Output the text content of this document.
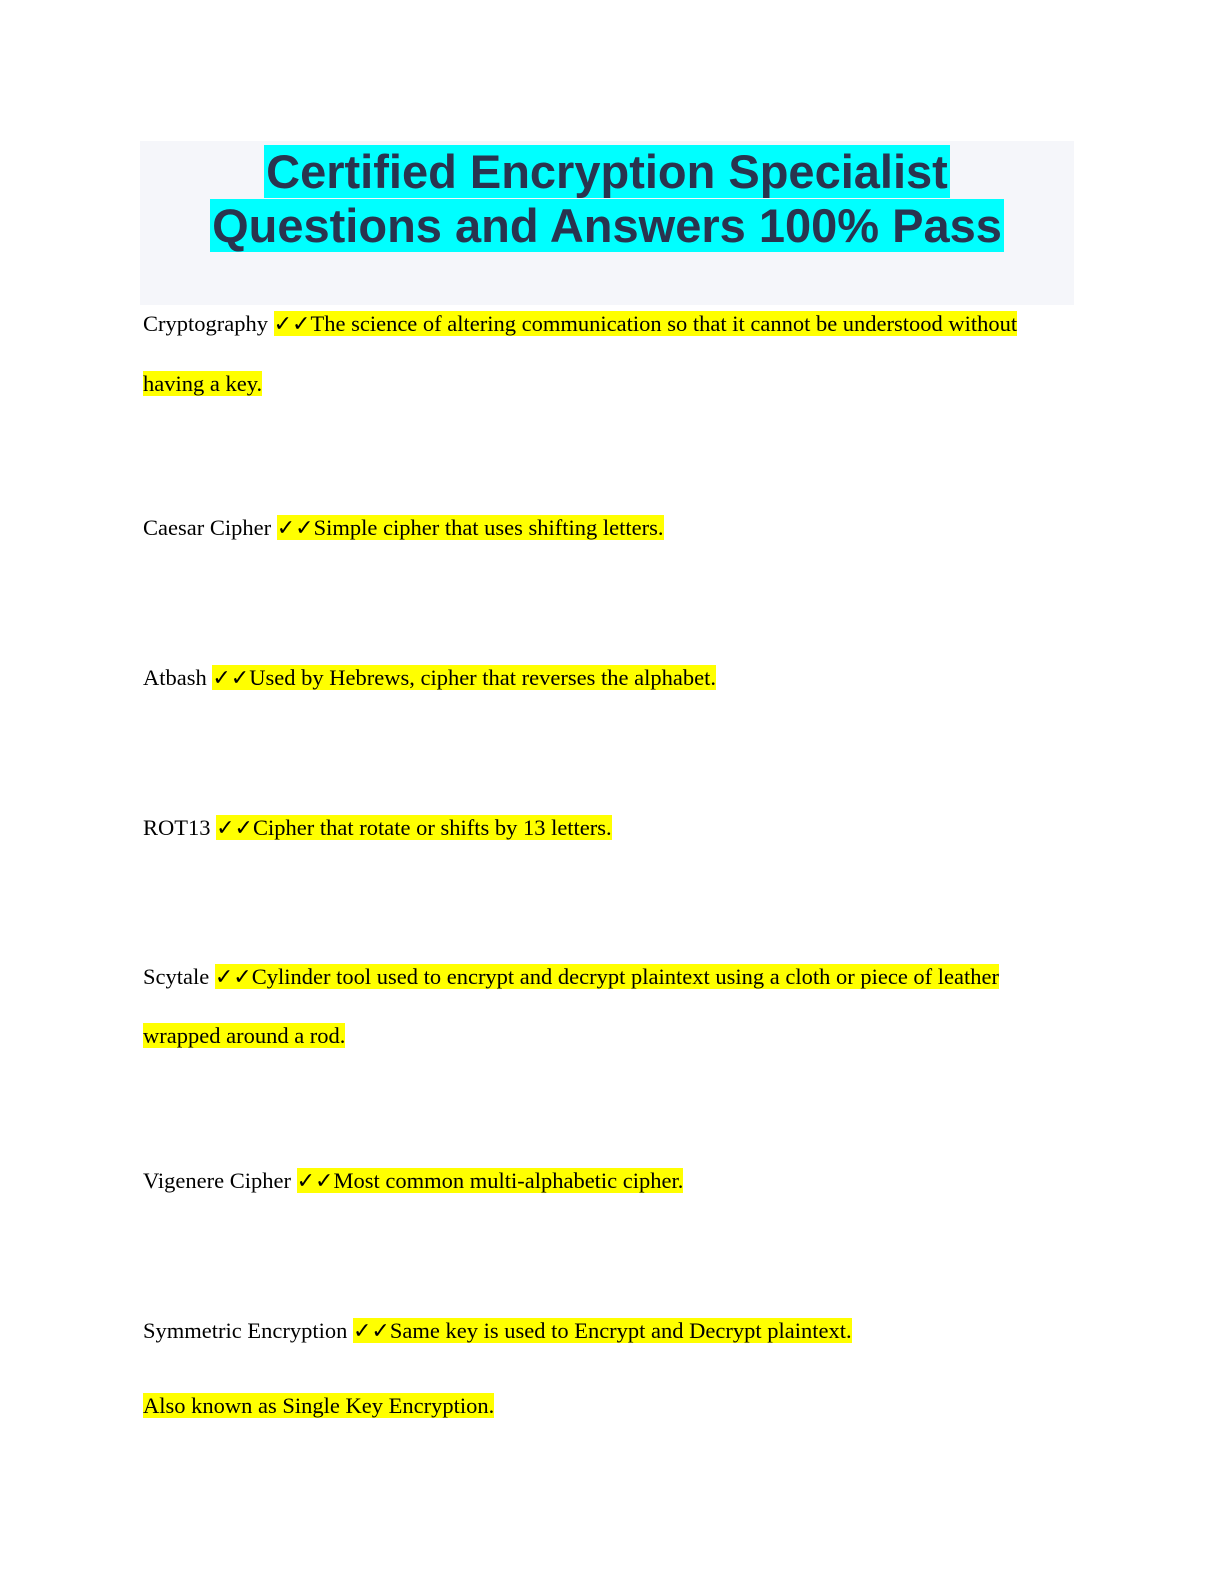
Certified Encryption Specialist
Questions and Answers 100% Pass
Cryptography ✓✓The science of altering communication so that it cannot be understood without
having a key.
Caesar Cipher ✓✓Simple cipher that uses shifting letters.
Atbash ✓✓Used by Hebrews, cipher that reverses the alphabet.
ROT13 ✓✓Cipher that rotate or shifts by 13 letters.
Scytale ✓✓Cylinder tool used to encrypt and decrypt plaintext using a cloth or piece of leather
wrapped around a rod.
Vigenere Cipher ✓✓Most common multi-alphabetic cipher.
Symmetric Encryption ✓✓Same key is used to Encrypt and Decrypt plaintext.
Also known as Single Key Encryption.
